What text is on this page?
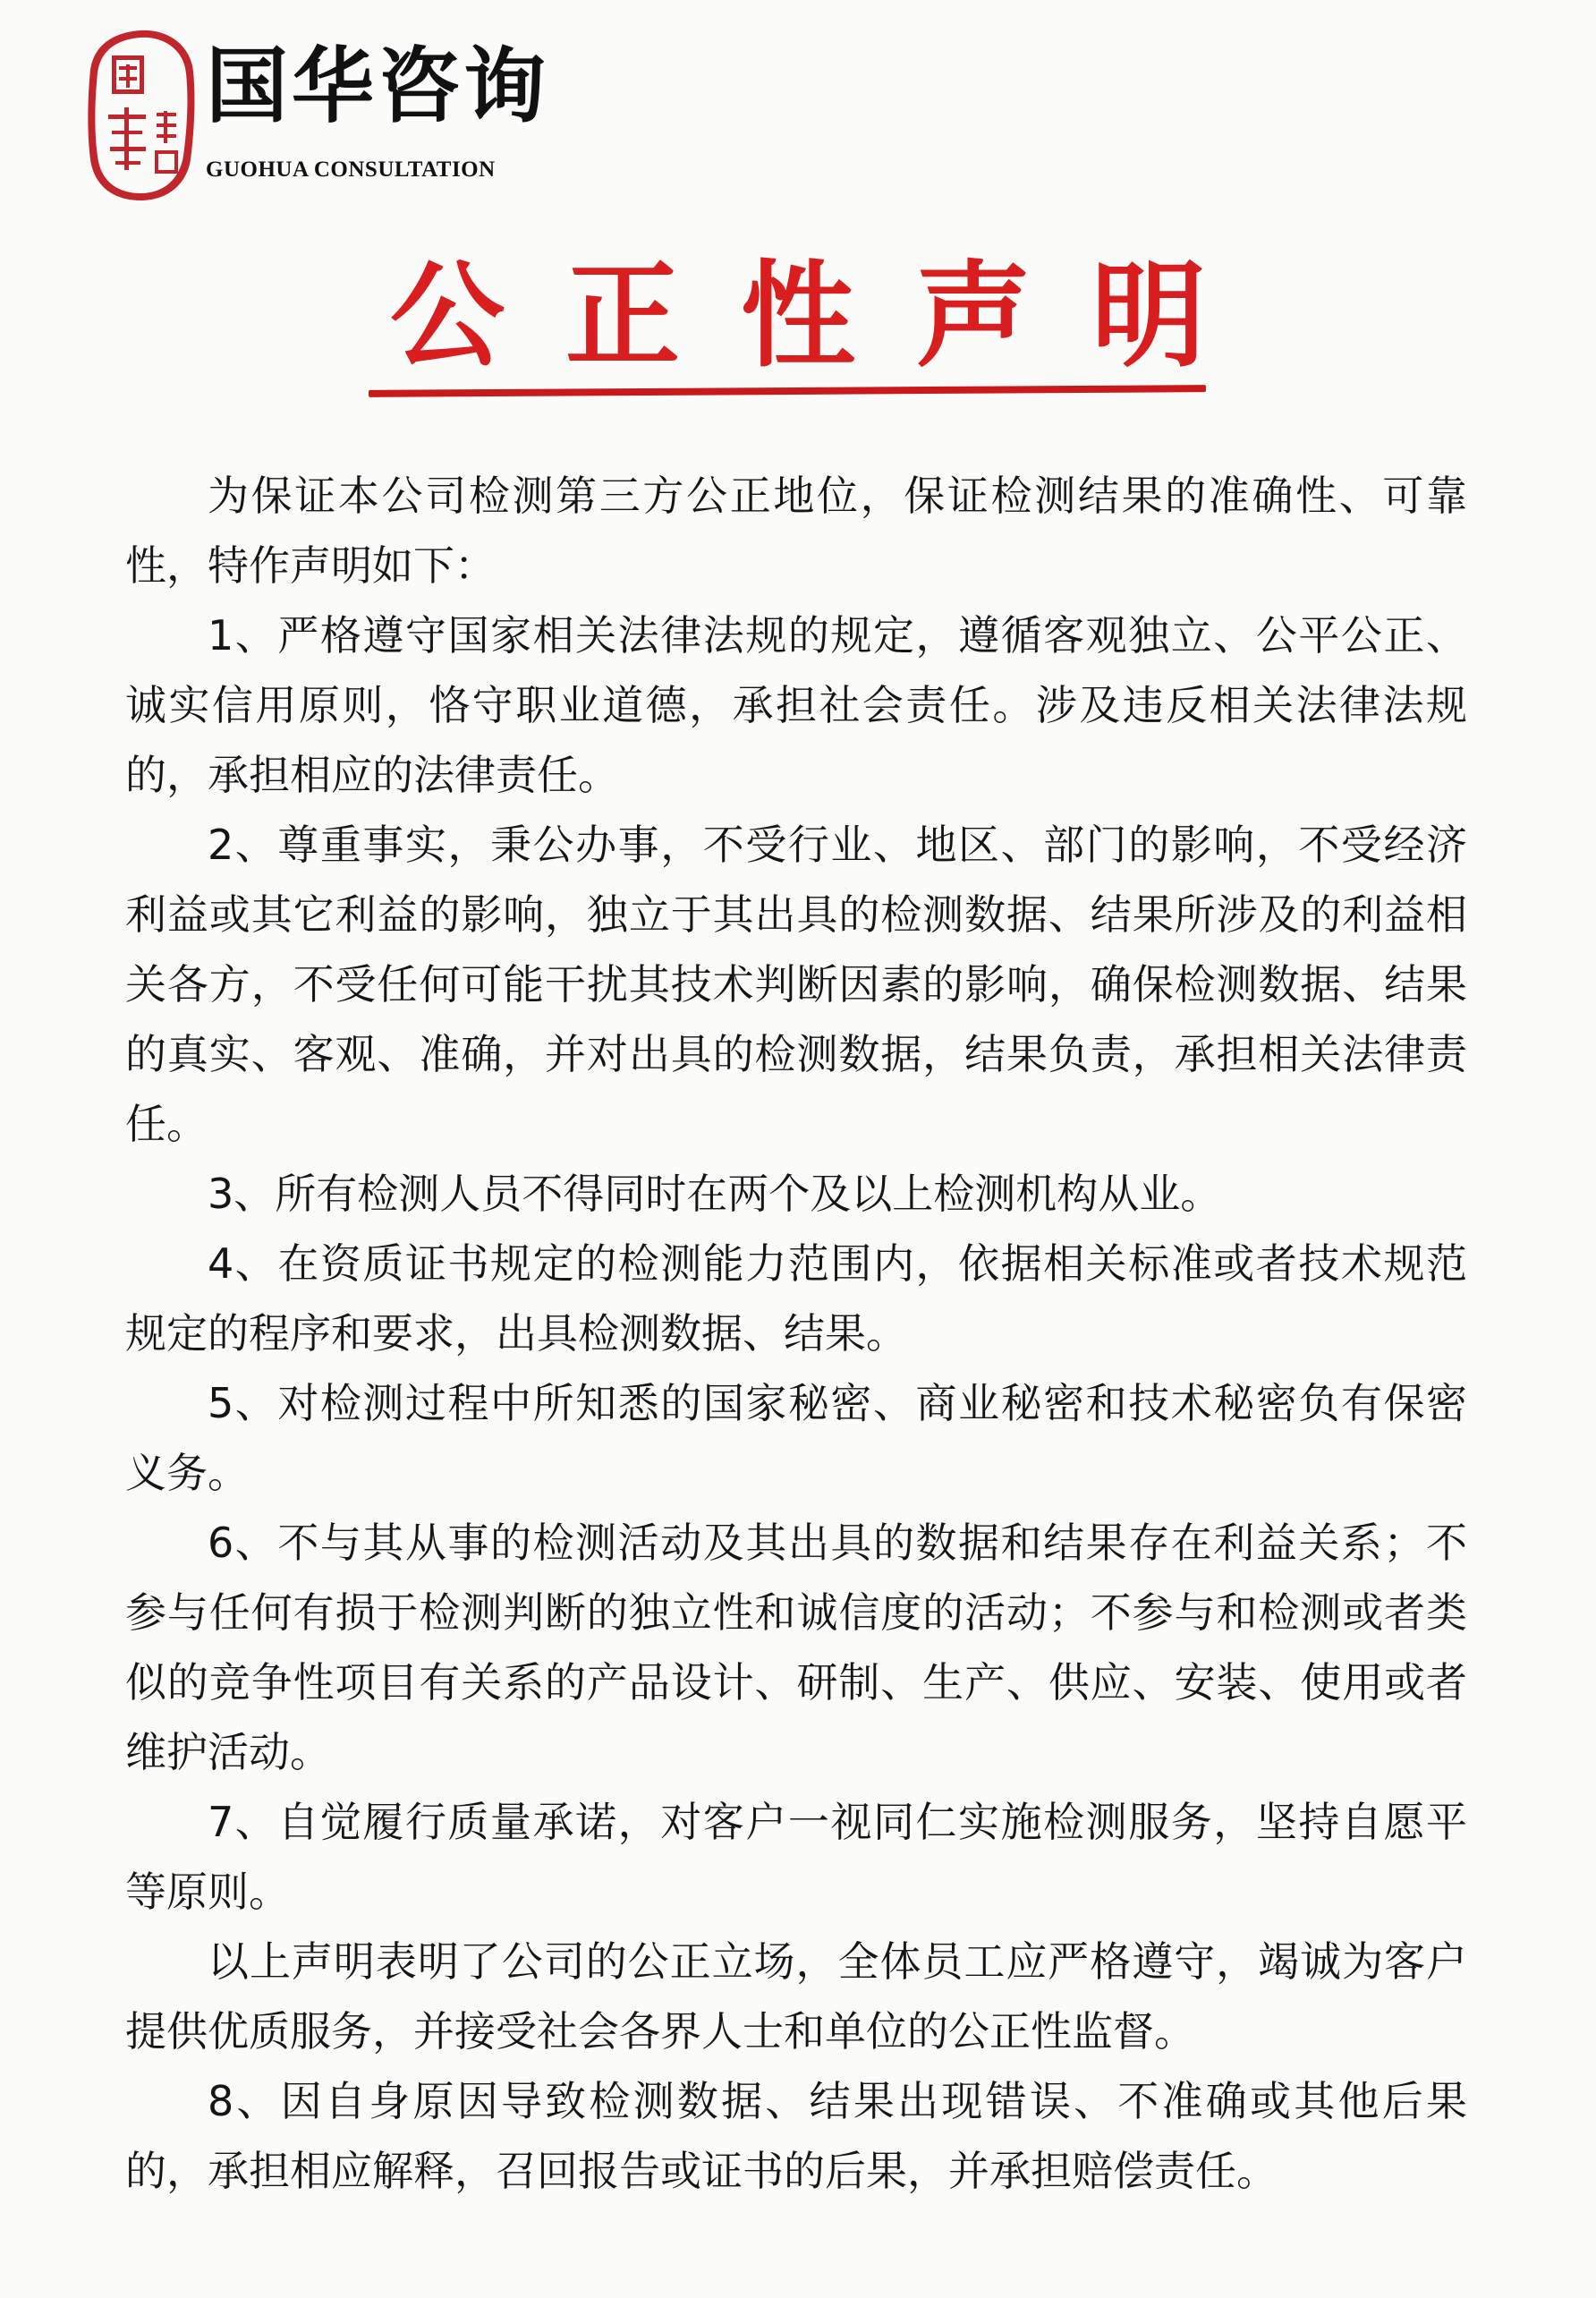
国华咨询
GUOHUA CONSULTATION
公正性声明

为保证本公司检测第三方公正地位，保证检测结果的准确性、可靠性，特作声明如下：

1、严格遵守国家相关法律法规的规定，遵循客观独立、公平公正、诚实信用原则，恪守职业道德，承担社会责任。涉及违反相关法律法规的，承担相应的法律责任。

2、尊重事实，秉公办事，不受行业、地区、部门的影响，不受经济利益或其它利益的影响，独立于其出具的检测数据、结果所涉及的利益相关各方，不受任何可能干扰其技术判断因素的影响，确保检测数据、结果的真实、客观、准确，并对出具的检测数据，结果负责，承担相关法律责任。

3、所有检测人员不得同时在两个及以上检测机构从业。

4、在资质证书规定的检测能力范围内，依据相关标准或者技术规范规定的程序和要求，出具检测数据、结果。

5、对检测过程中所知悉的国家秘密、商业秘密和技术秘密负有保密义务。

6、不与其从事的检测活动及其出具的数据和结果存在利益关系；不参与任何有损于检测判断的独立性和诚信度的活动；不参与和检测或者类似的竞争性项目有关系的产品设计、研制、生产、供应、安装、使用或者维护活动。

7、自觉履行质量承诺，对客户一视同仁实施检测服务，坚持自愿平等原则。

以上声明表明了公司的公正立场，全体员工应严格遵守，竭诚为客户提供优质服务，并接受社会各界人士和单位的公正性监督。

8、因自身原因导致检测数据、结果出现错误、不准确或其他后果的，承担相应解释，召回报告或证书的后果，并承担赔偿责任。
